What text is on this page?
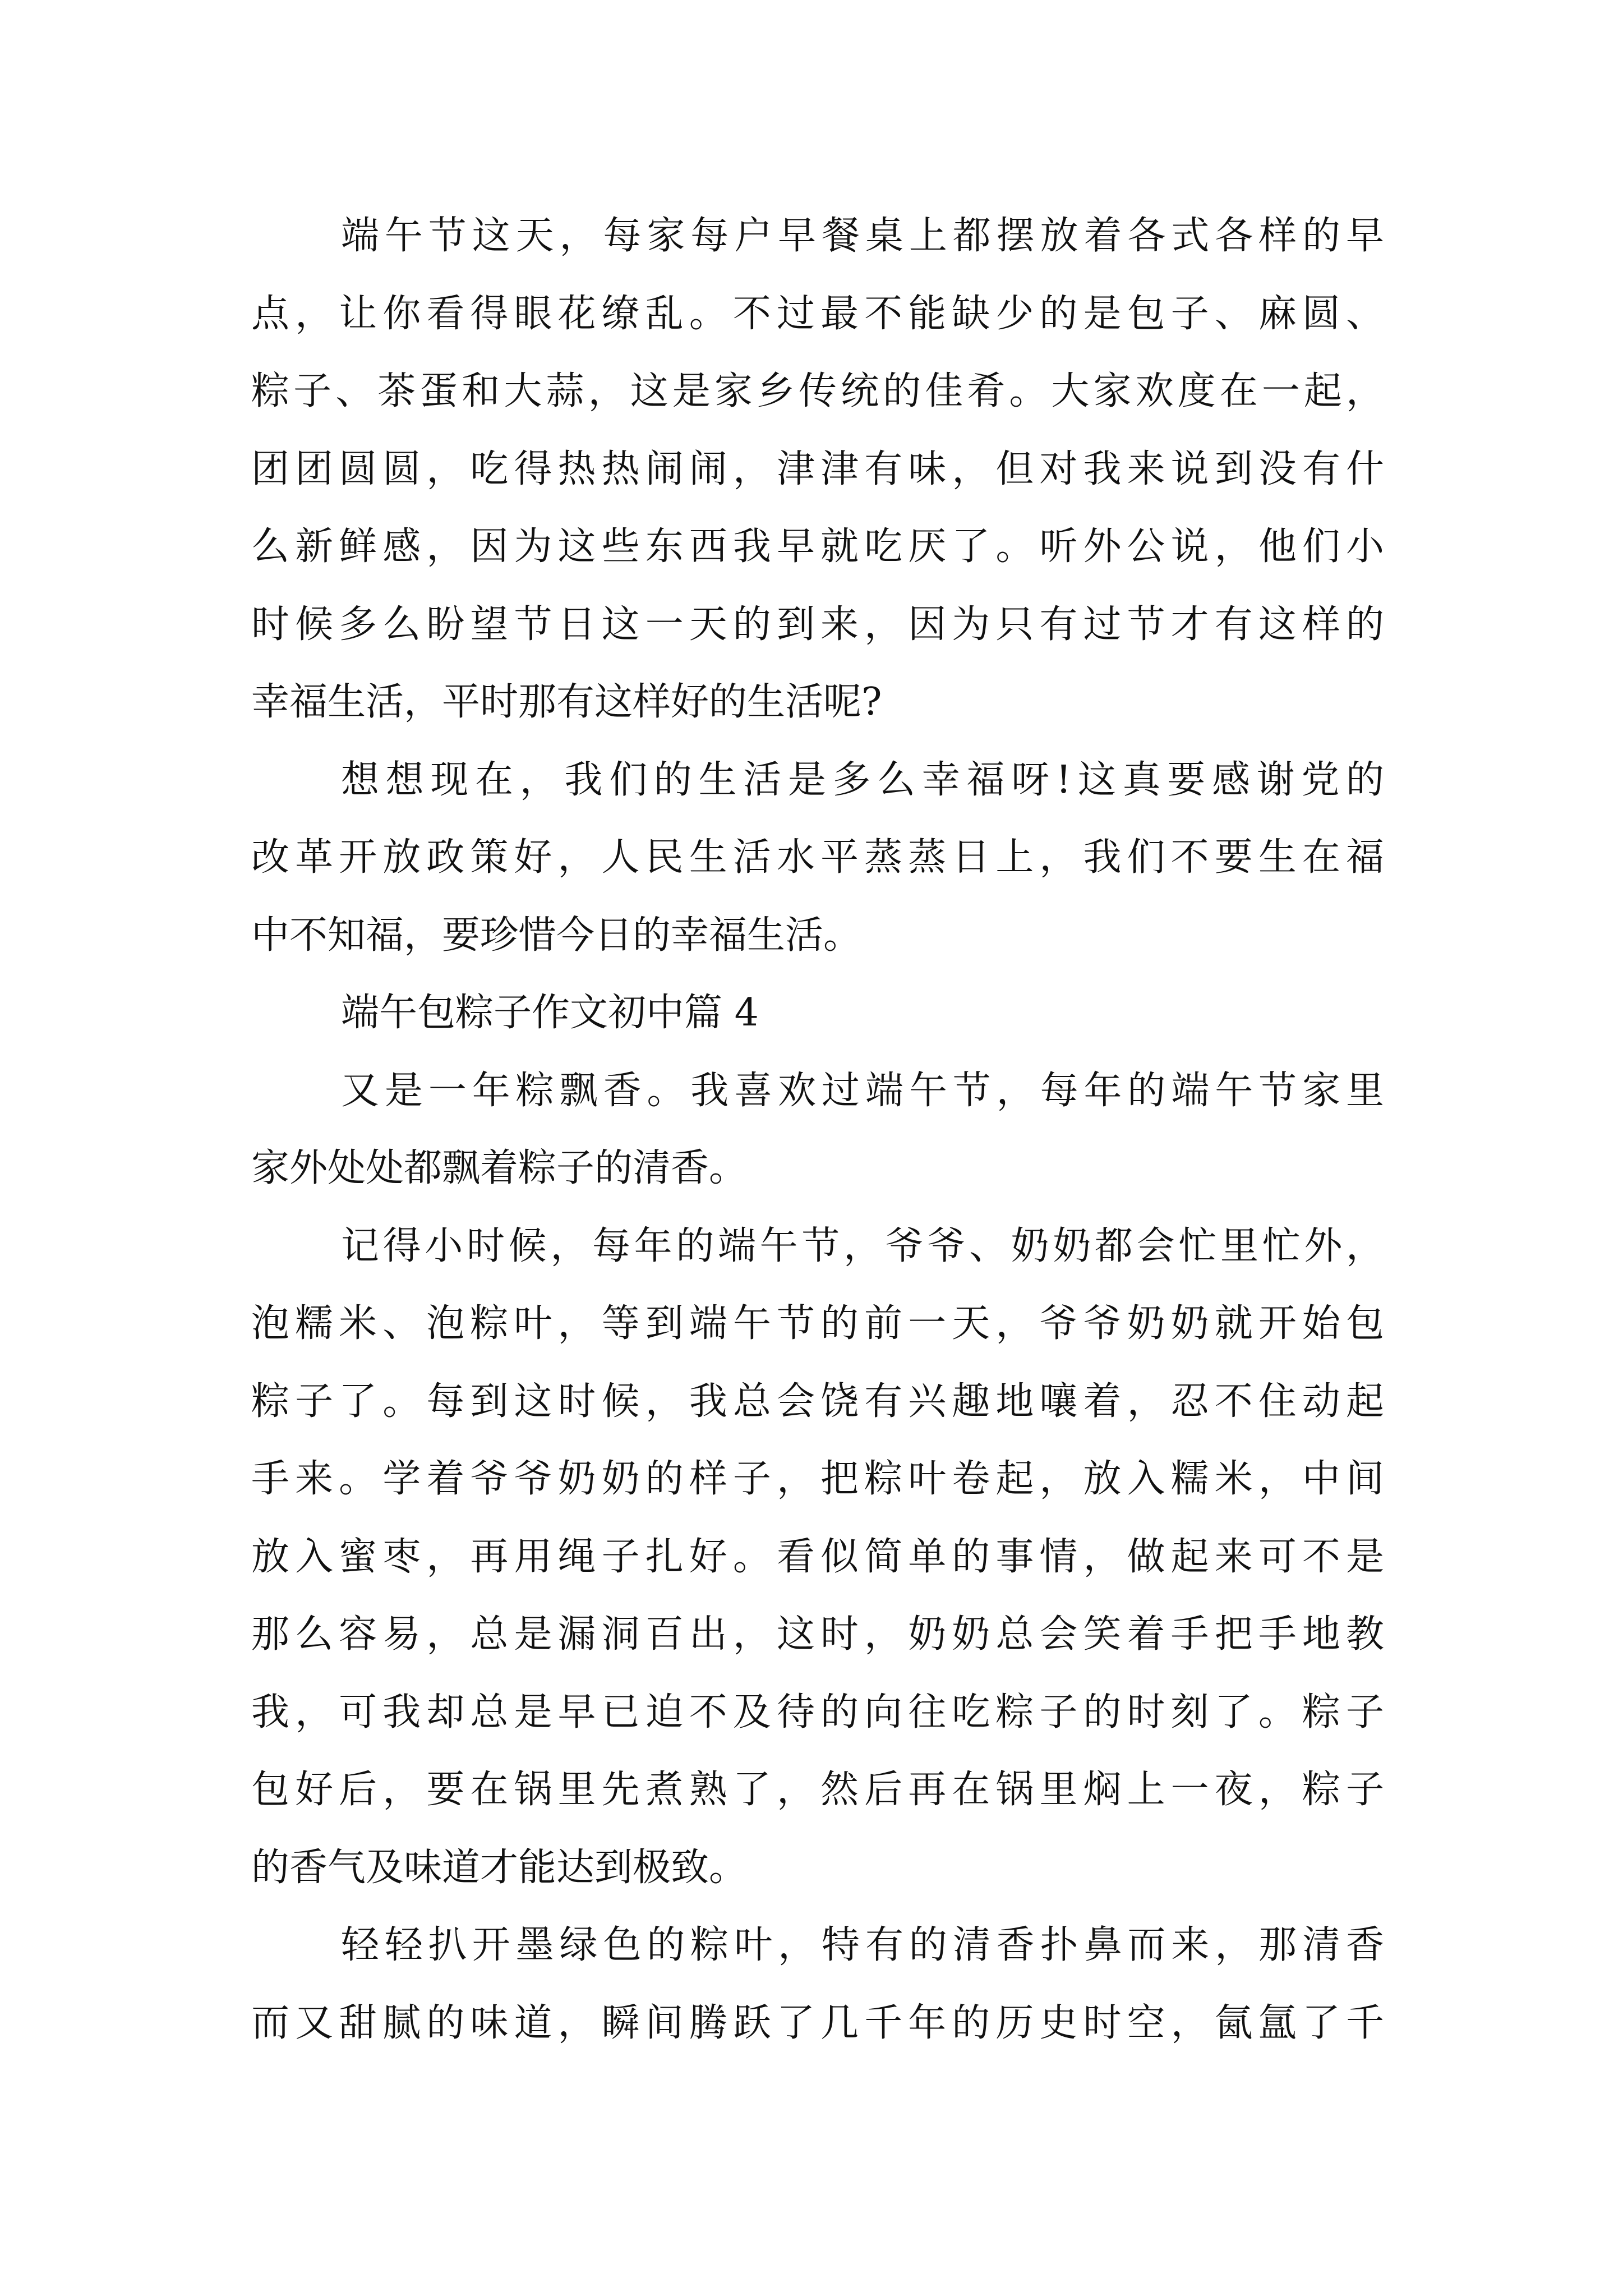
端午节这天，每家每户早餐桌上都摆放着各式各样的早
点，让你看得眼花缭乱。不过最不能缺少的是包子、麻圆、
粽子、茶蛋和大蒜，这是家乡传统的佳肴。大家欢度在一起，
团团圆圆，吃得热热闹闹，津津有味，但对我来说到没有什
么新鲜感，因为这些东西我早就吃厌了。听外公说，他们小
时候多么盼望节日这一天的到来，因为只有过节才有这样的
幸福生活，平时那有这样好的生活呢?
想想现在，我们的生活是多么幸福呀!这真要感谢党的
改革开放政策好，人民生活水平蒸蒸日上，我们不要生在福
中不知福，要珍惜今日的幸福生活。
端午包粽子作文初中篇 4
又是一年粽飘香。我喜欢过端午节，每年的端午节家里
家外处处都飘着粽子的清香。
记得小时候，每年的端午节，爷爷、奶奶都会忙里忙外，
泡糯米、泡粽叶，等到端午节的前一天，爷爷奶奶就开始包
粽子了。每到这时候，我总会饶有兴趣地嚷着，忍不住动起
手来。学着爷爷奶奶的样子，把粽叶卷起，放入糯米，中间
放入蜜枣，再用绳子扎好。看似简单的事情，做起来可不是
那么容易，总是漏洞百出，这时，奶奶总会笑着手把手地教
我，可我却总是早已迫不及待的向往吃粽子的时刻了。粽子
包好后，要在锅里先煮熟了，然后再在锅里焖上一夜，粽子
的香气及味道才能达到极致。
轻轻扒开墨绿色的粽叶，特有的清香扑鼻而来，那清香
而又甜腻的味道，瞬间腾跃了几千年的历史时空，氤氲了千
